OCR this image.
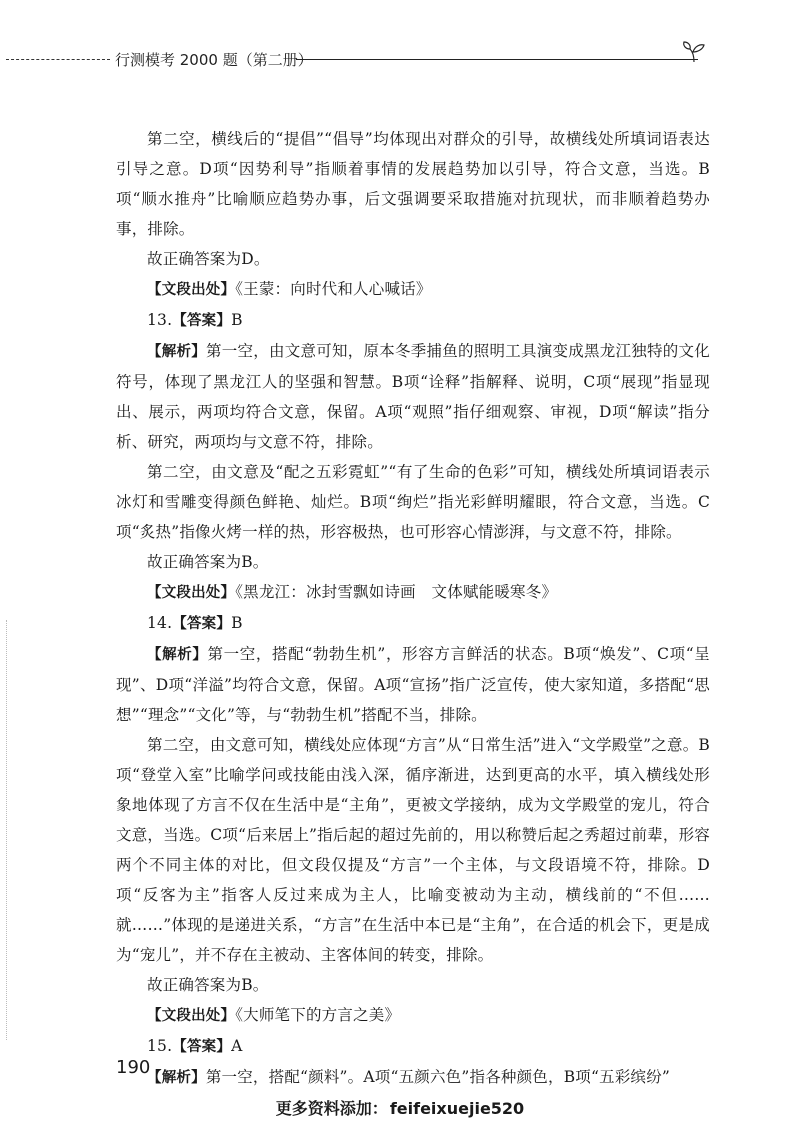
行测模考 2000 题（第二册）

第二空，横线后的“提倡”“倡导”均体现出对群众的引导，故横线处所填词语表达引导之意。D项“因势利导”指顺着事情的发展趋势加以引导，符合文意，当选。B项“顺水推舟”比喻顺应趋势办事，后文强调要采取措施对抗现状，而非顺着趋势办事，排除。

故正确答案为D。

【文段出处】《王蒙：向时代和人心喊话》

13.【答案】B

【解析】第一空，由文意可知，原本冬季捕鱼的照明工具演变成黑龙江独特的文化符号，体现了黑龙江人的坚强和智慧。B项“诠释”指解释、说明，C项“展现”指显现出、展示，两项均符合文意，保留。A项“观照”指仔细观察、审视，D项“解读”指分析、研究，两项均与文意不符，排除。

第二空，由文意及“配之五彩霓虹”“有了生命的色彩”可知，横线处所填词语表示冰灯和雪雕变得颜色鲜艳、灿烂。B项“绚烂”指光彩鲜明耀眼，符合文意，当选。C项“炙热”指像火烤一样的热，形容极热，也可形容心情澎湃，与文意不符，排除。

故正确答案为B。

【文段出处】《黑龙江：冰封雪飘如诗画　文体赋能暖寒冬》

14.【答案】B

【解析】第一空，搭配“勃勃生机”，形容方言鲜活的状态。B项“焕发”、C项“呈现”、D项“洋溢”均符合文意，保留。A项“宣扬”指广泛宣传，使大家知道，多搭配“思想”“理念”“文化”等，与“勃勃生机”搭配不当，排除。

第二空，由文意可知，横线处应体现“方言”从“日常生活”进入“文学殿堂”之意。B项“登堂入室”比喻学问或技能由浅入深，循序渐进，达到更高的水平，填入横线处形象地体现了方言不仅在生活中是“主角”，更被文学接纳，成为文学殿堂的宠儿，符合文意，当选。C项“后来居上”指后起的超过先前的，用以称赞后起之秀超过前辈，形容两个不同主体的对比，但文段仅提及“方言”一个主体，与文段语境不符，排除。D项“反客为主”指客人反过来成为主人，比喻变被动为主动，横线前的“不但……就……”体现的是递进关系，“方言”在生活中本已是“主角”，在合适的机会下，更是成为“宠儿”，并不存在主被动、主客体间的转变，排除。

故正确答案为B。

【文段出处】《大师笔下的方言之美》

15.【答案】A

【解析】第一空，搭配“颜料”。A项“五颜六色”指各种颜色，B项“五彩缤纷”

190
更多资料添加： feifeixuejie520
